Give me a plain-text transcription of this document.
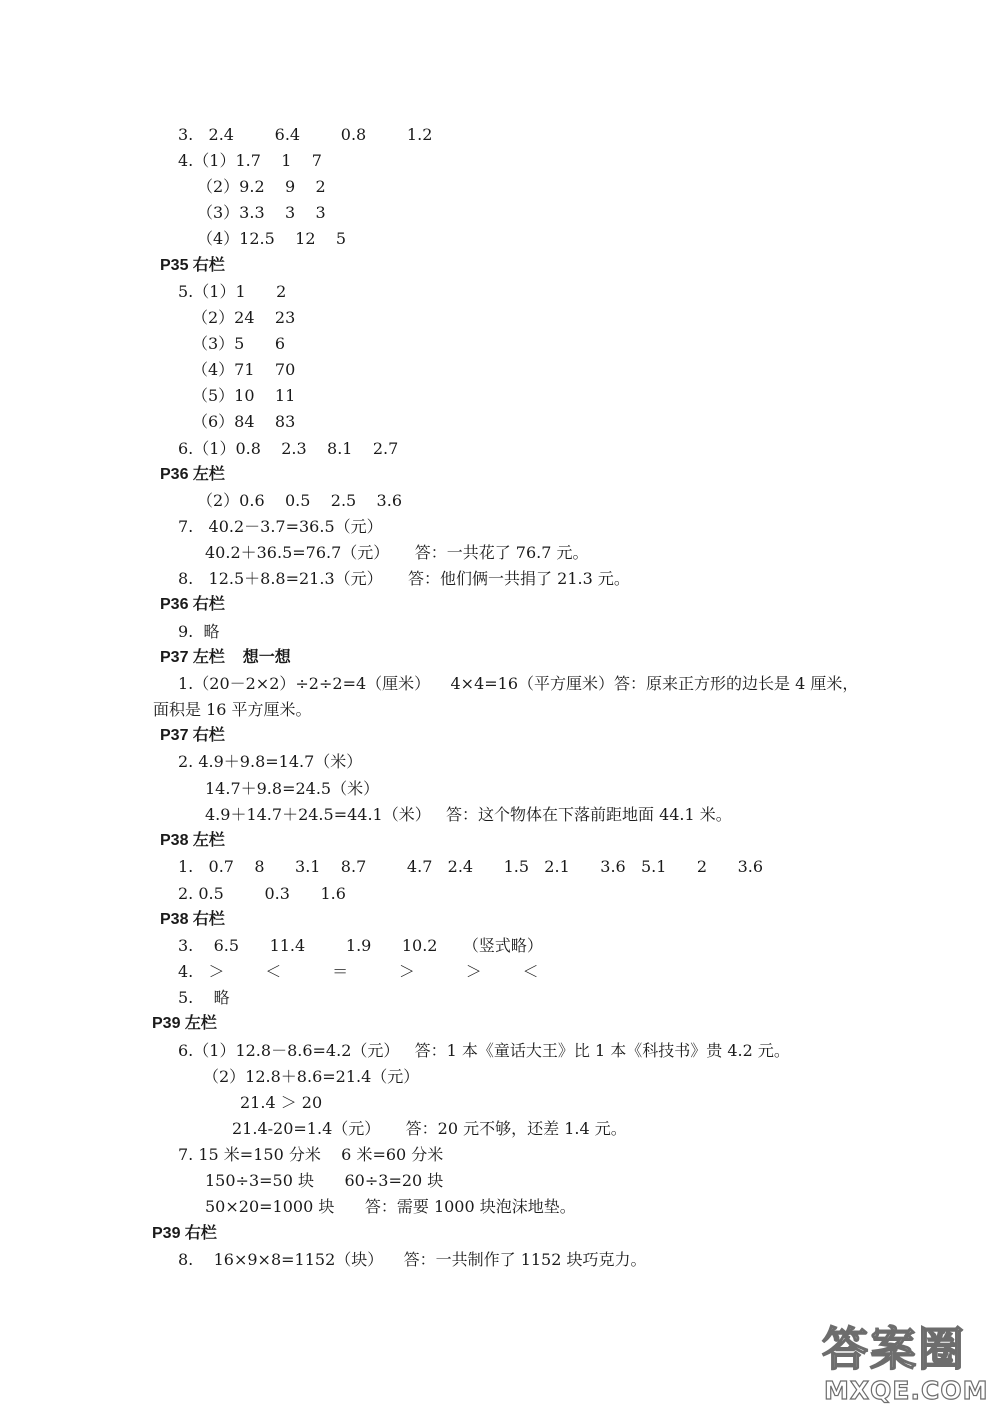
3.   2.4        6.4        0.8        1.2
4.（1）1.7    1    7
（2）9.2    9    2
（3）3.3    3    3
（4）12.5    12    5
P35 右栏
5.（1）1      2
（2）24    23
（3）5      6
（4）71    70
（5）10    11
（6）84    83
6.（1）0.8    2.3    8.1    2.7
P36 左栏
（2）0.6    0.5    2.5    3.6
7.   40.2－3.7=36.5（元）
40.2＋36.5=76.7（元）     答：一共花了 76.7 元。
8.   12.5＋8.8=21.3（元）     答：他们俩一共捐了 21.3 元。
P36 右栏
9.  略
P37 左栏    想一想
1.（20－2×2）÷2÷2=4（厘米）    4×4=16（平方厘米）答：原来正方形的边长是 4 厘米，
面积是 16 平方厘米。
P37 右栏
2. 4.9＋9.8=14.7（米）
14.7＋9.8=24.5（米）
4.9＋14.7＋24.5=44.1（米）   答：这个物体在下落前距地面 44.1 米。
P38 左栏
1.   0.7    8      3.1    8.7        4.7   2.4      1.5   2.1      3.6   5.1      2      3.6
2. 0.5        0.3      1.6
P38 右栏
3.    6.5      11.4        1.9      10.2     （竖式略）
4.   ＞        ＜          ＝          ＞          ＞        ＜
5.    略
P39 左栏
6.（1）12.8－8.6=4.2（元）   答：1 本《童话大王》比 1 本《科技书》贵 4.2 元。
（2）12.8＋8.6=21.4（元）
21.4 ＞ 20
21.4-20=1.4（元）     答：20 元不够，还差 1.4 元。
7. 15 米=150 分米    6 米=60 分米
150÷3=50 块      60÷3=20 块
50×20=1000 块      答：需要 1000 块泡沫地垫。
P39 右栏
8.    16×9×8=1152（块）    答：一共制作了 1152 块巧克力。
答案圈
MXQE.COM
